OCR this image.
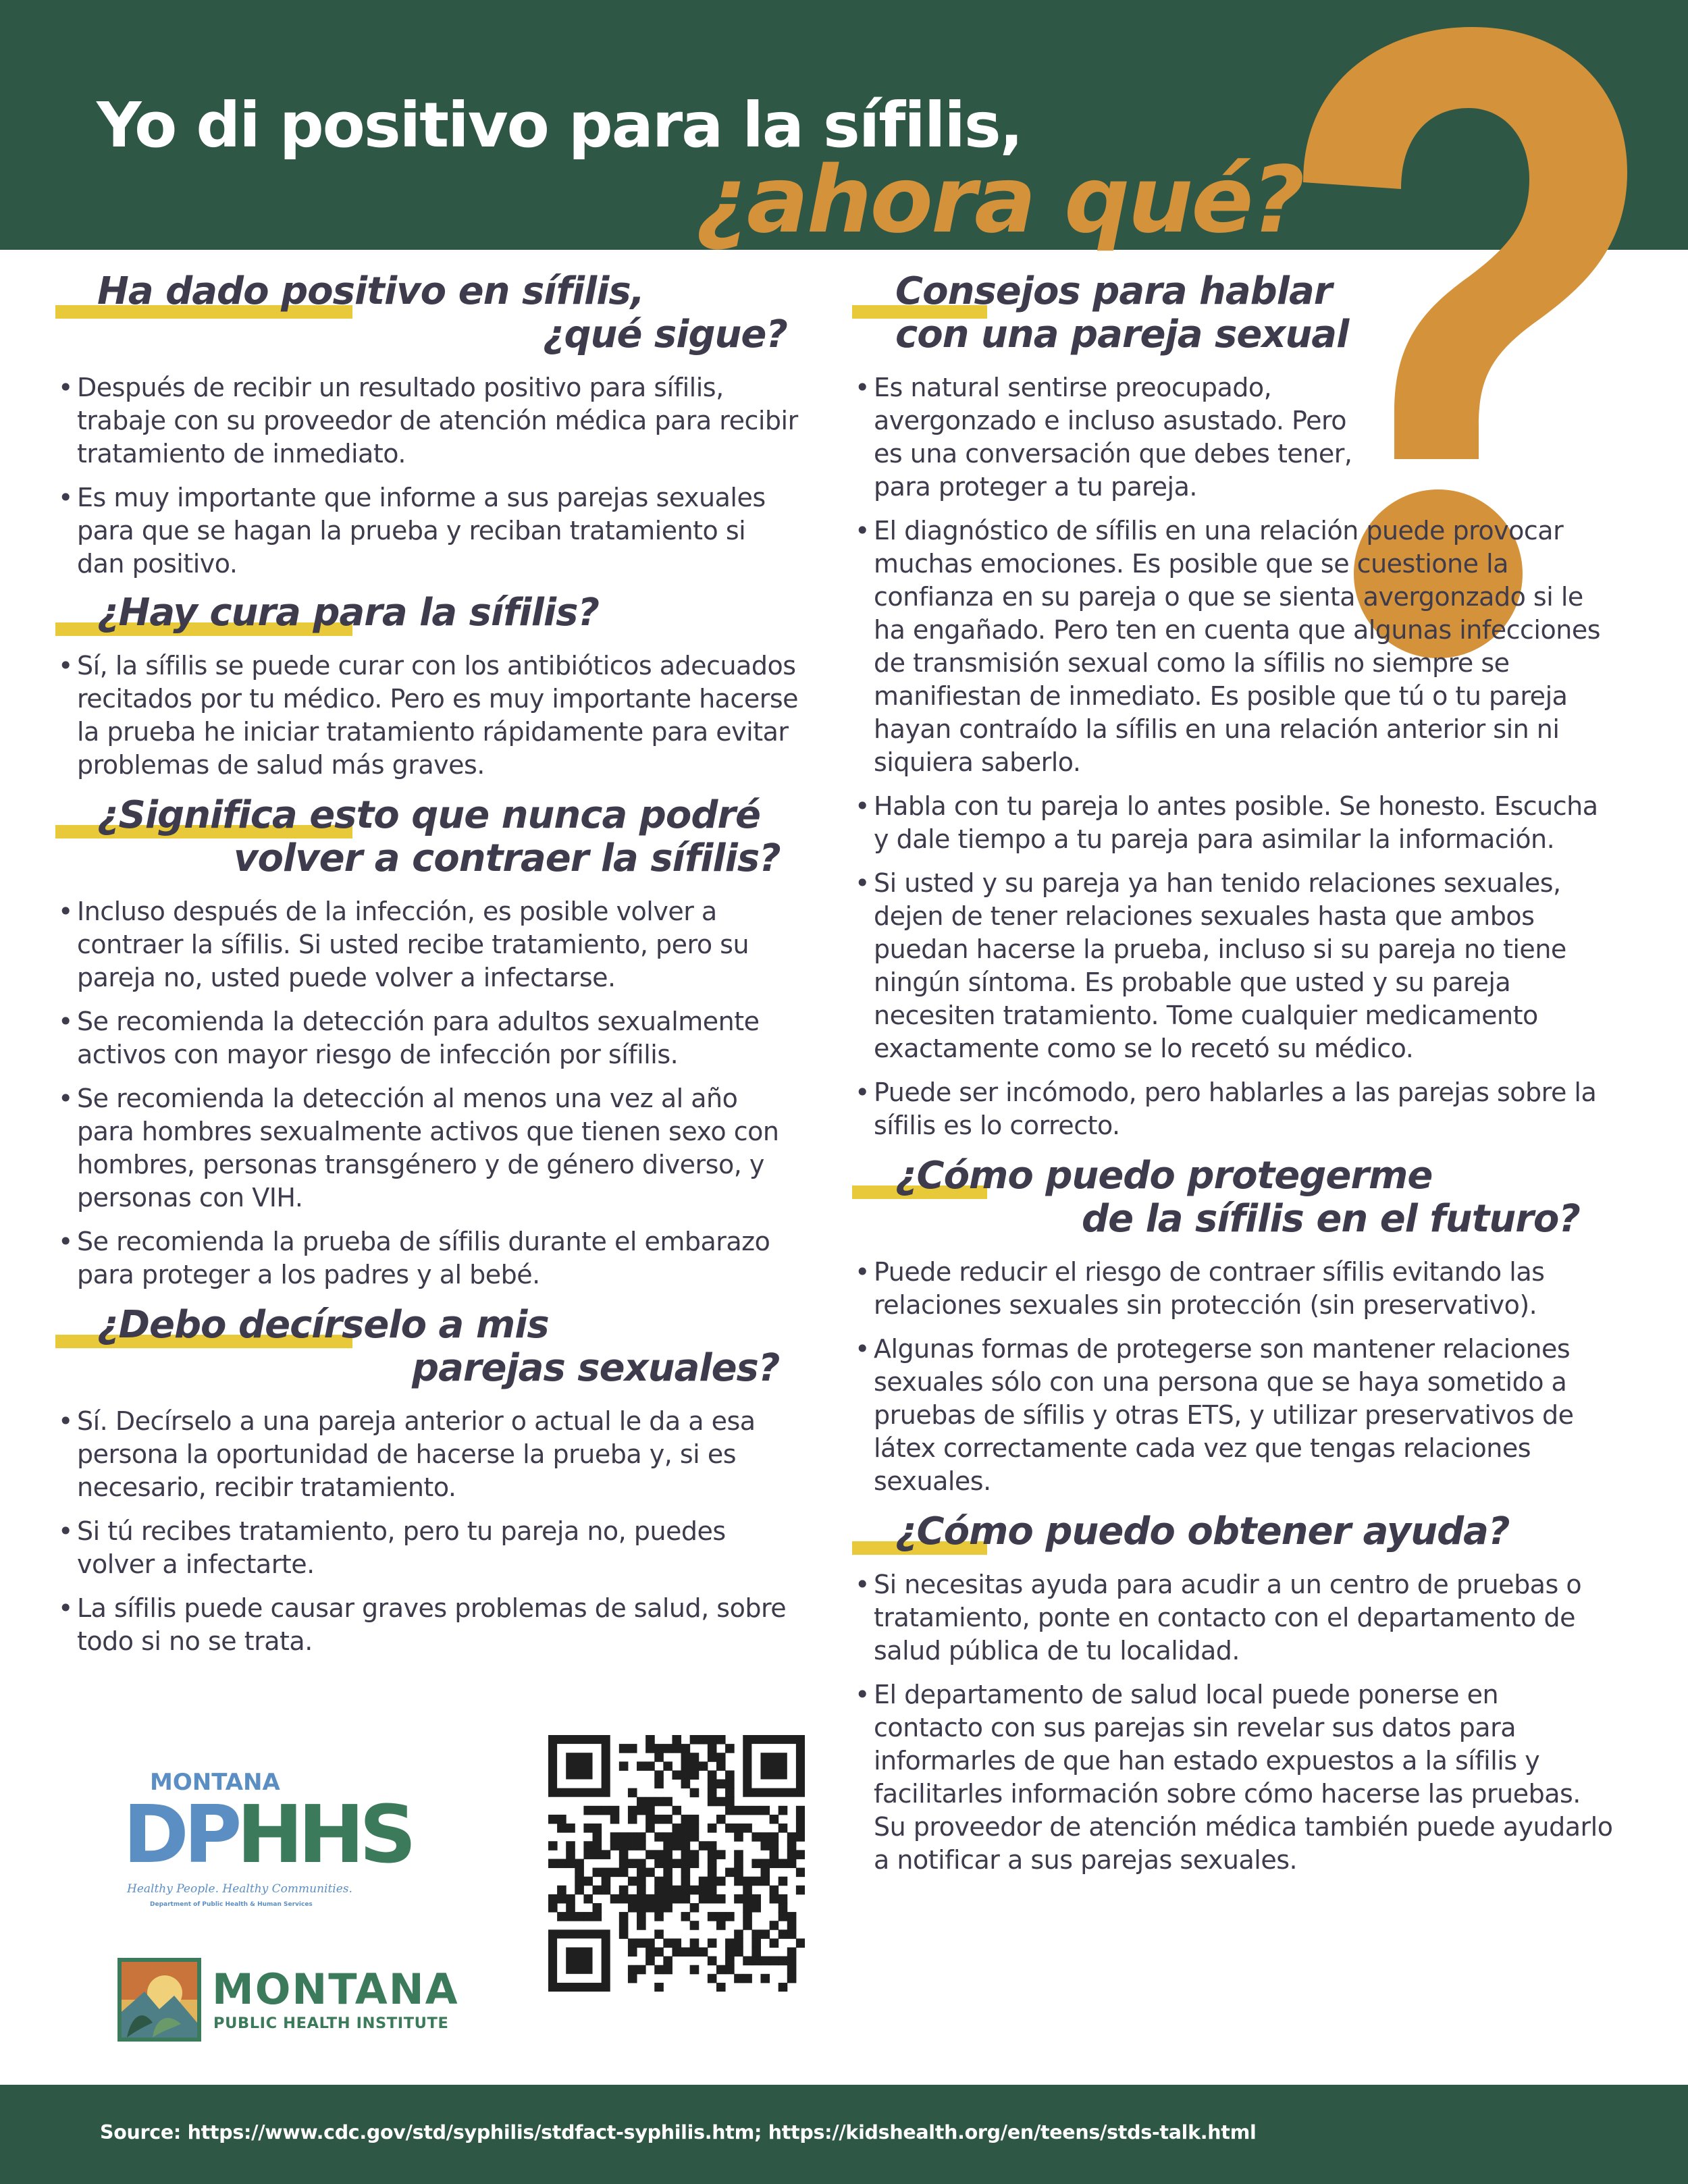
Yo di positivo para la sífilis,
¿ahora qué?
Ha dado positivo en sífilis,
¿qué sigue?
• Después de recibir un resultado positivo para sífilis, trabaje con su proveedor de atención médica para recibir tratamiento de inmediato.
• Es muy importante que informe a sus parejas sexuales para que se hagan la prueba y reciban tratamiento si dan positivo.
¿Hay cura para la sífilis?
• Sí, la sífilis se puede curar con los antibióticos adecuados recitados por tu médico. Pero es muy importante hacerse la prueba he iniciar tratamiento rápidamente para evitar problemas de salud más graves.
¿Significa esto que nunca podré
volver a contraer la sífilis?
• Incluso después de la infección, es posible volver a contraer la sífilis. Si usted recibe tratamiento, pero su pareja no, usted puede volver a infectarse.
• Se recomienda la detección para adultos sexualmente activos con mayor riesgo de infección por sífilis.
• Se recomienda la detección al menos una vez al año para hombres sexualmente activos que tienen sexo con hombres, personas transgénero y de género diverso, y personas con VIH.
• Se recomienda la prueba de sífilis durante el embarazo para proteger a los padres y al bebé.
¿Debo decírselo a mis
parejas sexuales?
• Sí. Decírselo a una pareja anterior o actual le da a esa persona la oportunidad de hacerse la prueba y, si es necesario, recibir tratamiento.
• Si tú recibes tratamiento, pero tu pareja no, puedes volver a infectarte.
• La sífilis puede causar graves problemas de salud, sobre todo si no se trata.
Consejos para hablar
con una pareja sexual
• Es natural sentirse preocupado, avergonzado e incluso asustado. Pero es una conversación que debes tener, para proteger a tu pareja.
• El diagnóstico de sífilis en una relación puede provocar muchas emociones. Es posible que se cuestione la confianza en su pareja o que se sienta avergonzado si le ha engañado. Pero ten en cuenta que algunas infecciones de transmisión sexual como la sífilis no siempre se manifiestan de inmediato. Es posible que tú o tu pareja hayan contraído la sífilis en una relación anterior sin ni siquiera saberlo.
• Habla con tu pareja lo antes posible. Se honesto. Escucha y dale tiempo a tu pareja para asimilar la información.
• Si usted y su pareja ya han tenido relaciones sexuales, dejen de tener relaciones sexuales hasta que ambos puedan hacerse la prueba, incluso si su pareja no tiene ningún síntoma. Es probable que usted y su pareja necesiten tratamiento. Tome cualquier medicamento exactamente como se lo recetó su médico.
• Puede ser incómodo, pero hablarles a las parejas sobre la sífilis es lo correcto.
¿Cómo puedo protegerme
de la sífilis en el futuro?
• Puede reducir el riesgo de contraer sífilis evitando las relaciones sexuales sin protección (sin preservativo).
• Algunas formas de protegerse son mantener relaciones sexuales sólo con una persona que se haya sometido a pruebas de sífilis y otras ETS, y utilizar preservativos de látex correctamente cada vez que tengas relaciones sexuales.
¿Cómo puedo obtener ayuda?
• Si necesitas ayuda para acudir a un centro de pruebas o tratamiento, ponte en contacto con el departamento de salud pública de tu localidad.
• El departamento de salud local puede ponerse en contacto con sus parejas sin revelar sus datos para informarles de que han estado expuestos a la sífilis y facilitarles información sobre cómo hacerse las pruebas. Su proveedor de atención médica también puede ayudarlo a notificar a sus parejas sexuales.
MONTANA
DPHHS
Healthy People. Healthy Communities.
Department of Public Health & Human Services
MONTANA
PUBLIC HEALTH INSTITUTE
Source: https://www.cdc.gov/std/syphilis/stdfact-syphilis.htm; https://kidshealth.org/en/teens/stds-talk.html
